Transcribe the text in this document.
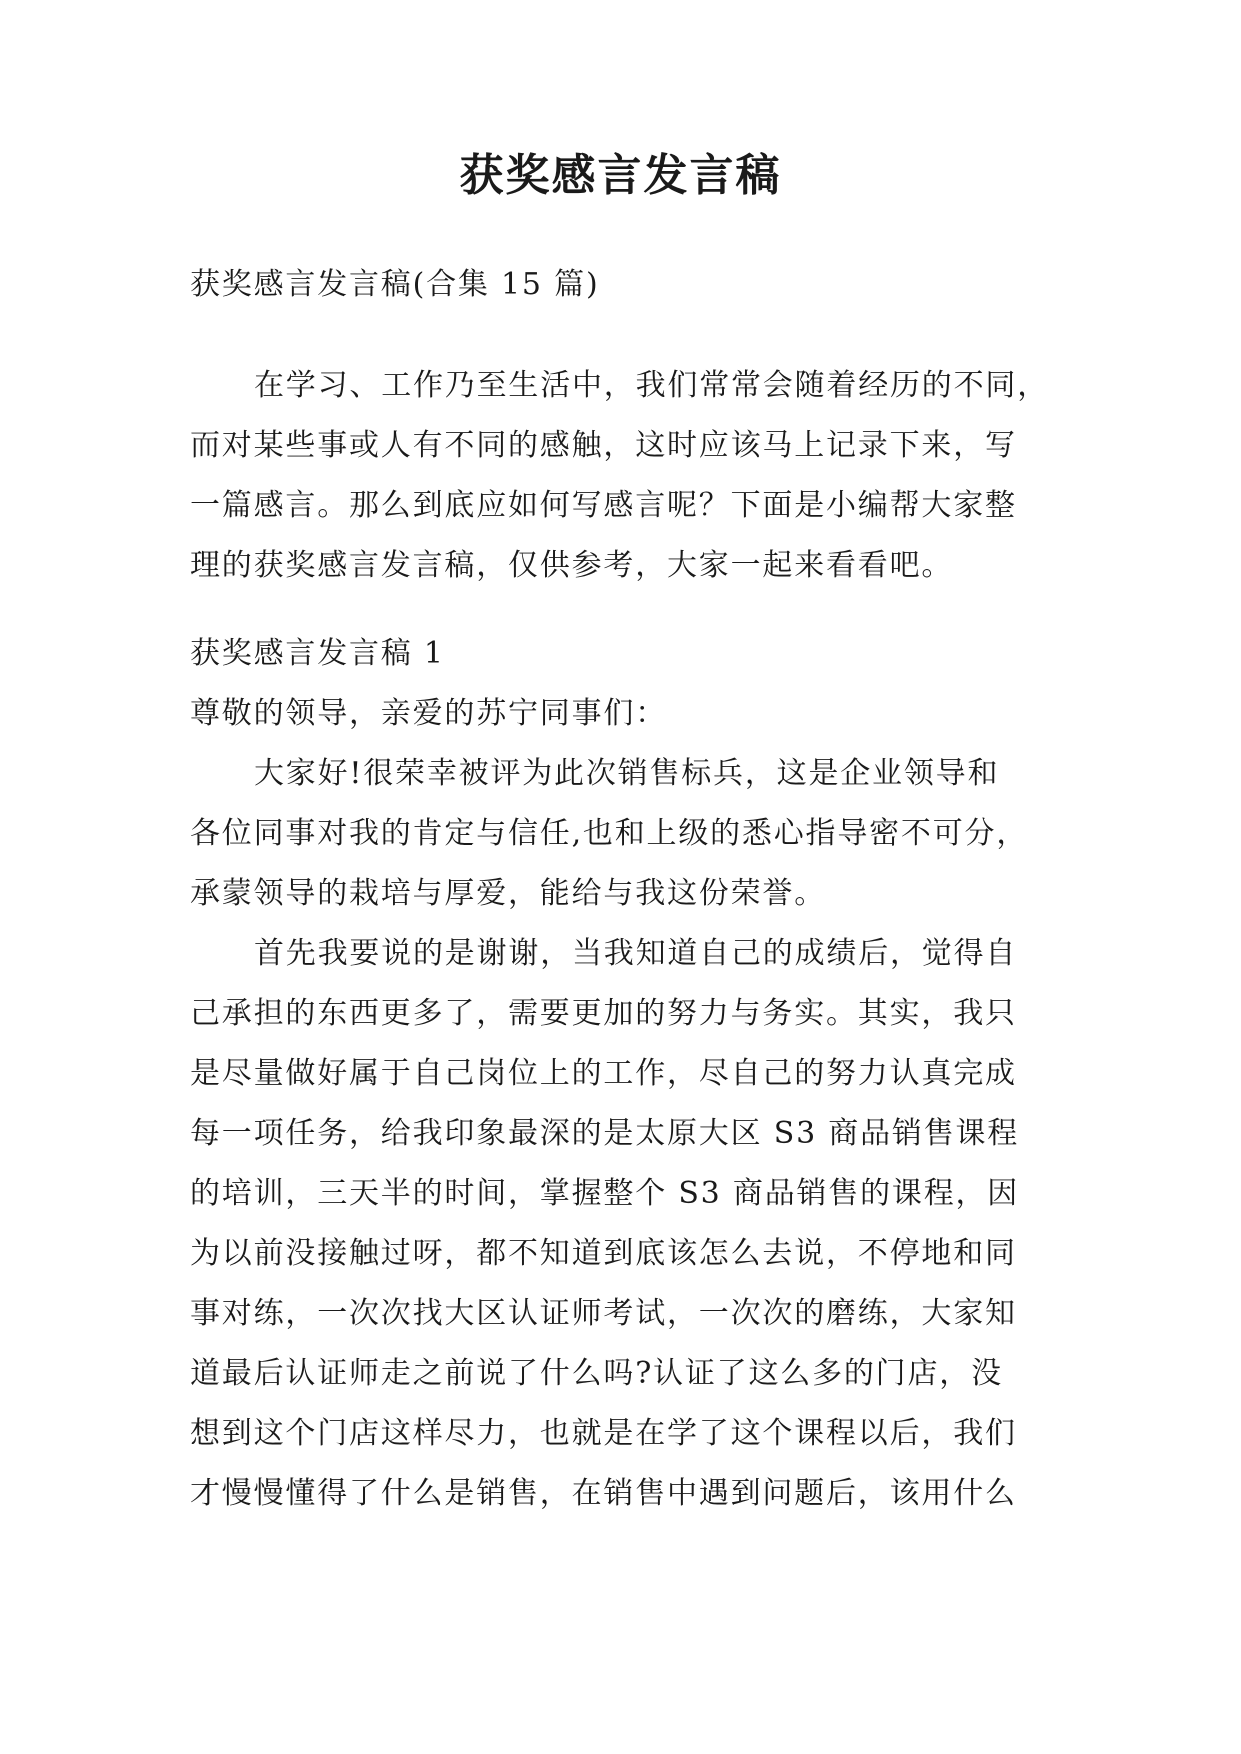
获奖感言发言稿

获奖感言发言稿(合集 15 篇)

在学习、工作乃至生活中，我们常常会随着经历的不同，

而对某些事或人有不同的感触，这时应该马上记录下来，写

一篇感言。那么到底应如何写感言呢？下面是小编帮大家整

理的获奖感言发言稿，仅供参考，大家一起来看看吧。

获奖感言发言稿 1

尊敬的领导，亲爱的苏宁同事们：

大家好!很荣幸被评为此次销售标兵，这是企业领导和

各位同事对我的肯定与信任,也和上级的悉心指导密不可分，

承蒙领导的栽培与厚爱，能给与我这份荣誉。

首先我要说的是谢谢，当我知道自己的成绩后，觉得自

己承担的东西更多了，需要更加的努力与务实。其实，我只

是尽量做好属于自己岗位上的工作，尽自己的努力认真完成

每一项任务，给我印象最深的是太原大区 S3 商品销售课程

的培训，三天半的时间，掌握整个 S3 商品销售的课程，因

为以前没接触过呀，都不知道到底该怎么去说，不停地和同

事对练，一次次找大区认证师考试，一次次的磨练，大家知

道最后认证师走之前说了什么吗?认证了这么多的门店，没

想到这个门店这样尽力，也就是在学了这个课程以后，我们

才慢慢懂得了什么是销售，在销售中遇到问题后，该用什么
